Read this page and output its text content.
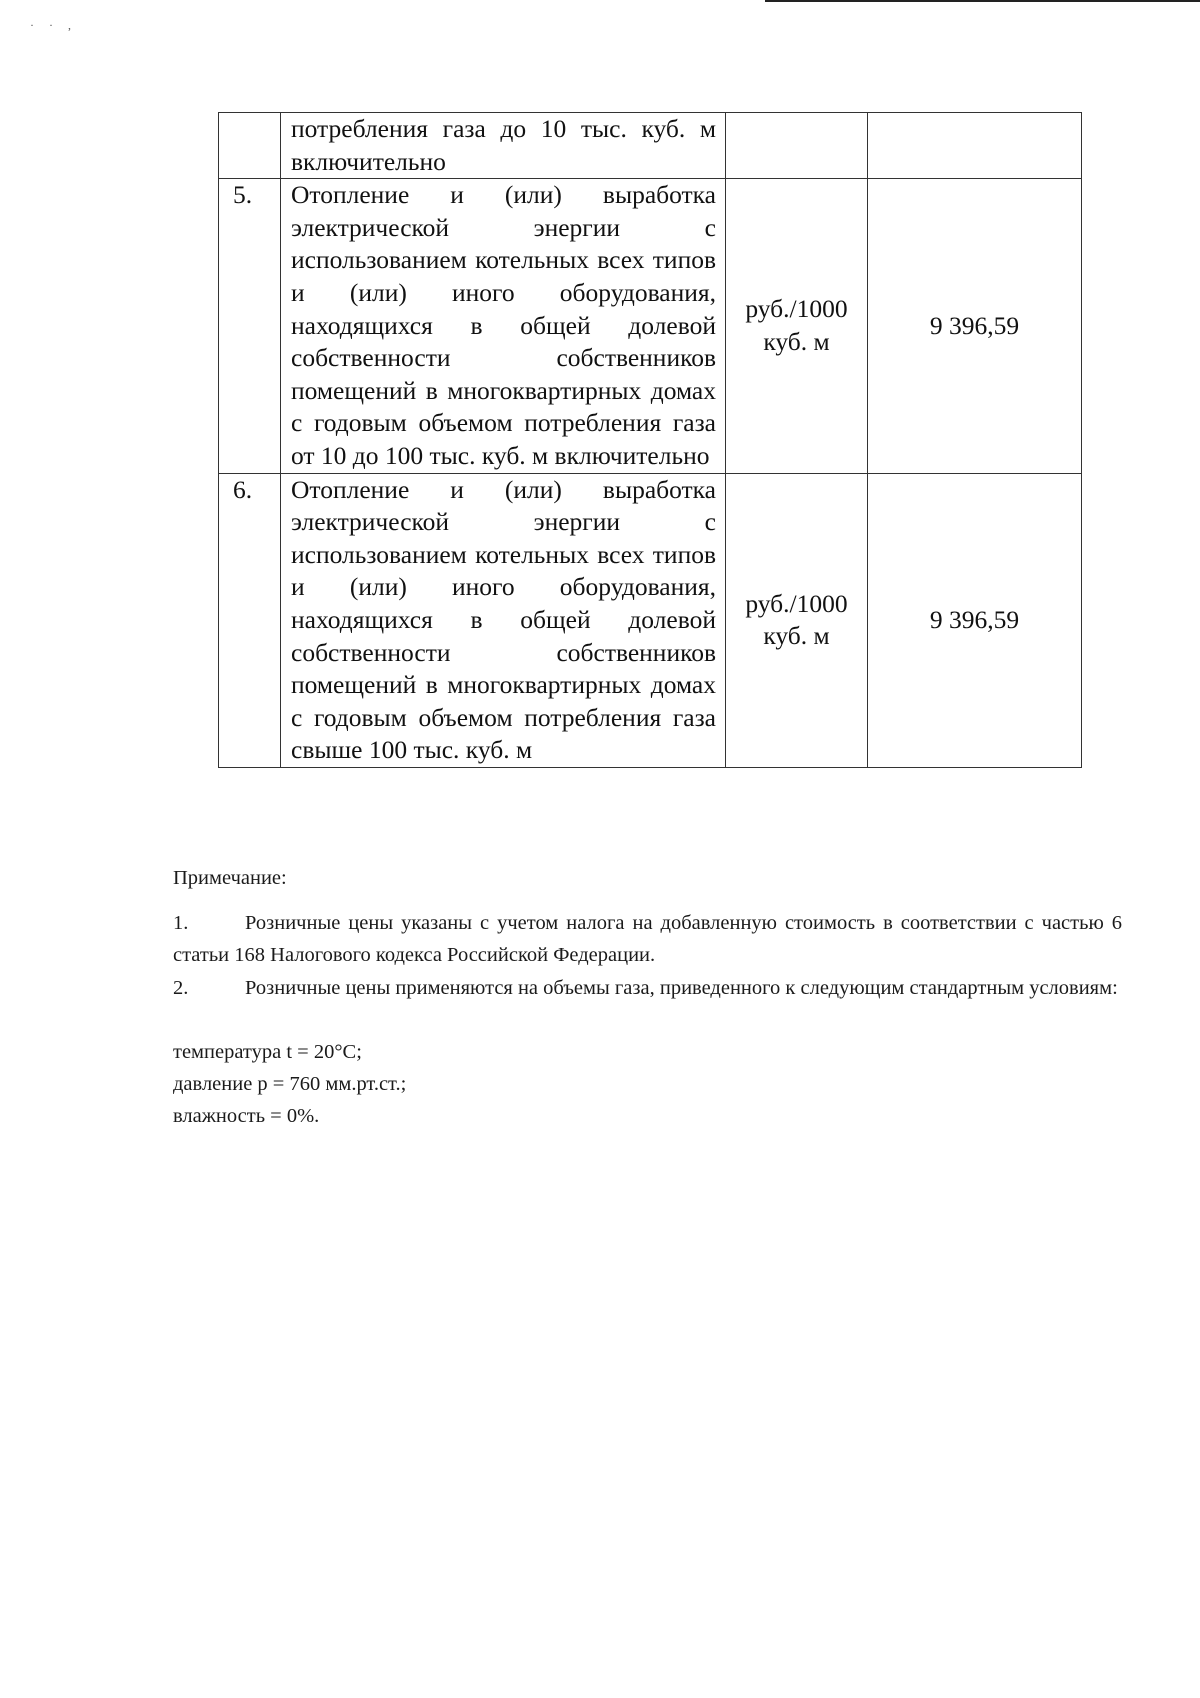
· · ,
	потребления газа до 10 тыс. куб. м включительно		
5.	Отопление и (или) выработка электрической энергии с использованием котельных всех типов и (или) иного оборудования, находящихся в общей долевой собственности собственников помещений в многоквартирных домах с годовым объемом потребления газа от 10 до 100 тыс. куб. м включительно	руб./1000 куб. м	9 396,59
6.	Отопление и (или) выработка электрической энергии с использованием котельных всех типов и (или) иного оборудования, находящихся в общей долевой собственности собственников помещений в многоквартирных домах с годовым объемом потребления газа свыше 100 тыс. куб. м	руб./1000 куб. м	9 396,59
Примечание:
1.	Розничные цены указаны с учетом налога на добавленную стоимость в соответствии с частью 6 статьи 168 Налогового кодекса Российской Федерации.
2.	Розничные цены применяются на объемы газа, приведенного к следующим стандартным условиям:
температура t = 20°C;
давление p = 760 мм.рт.ст.;
влажность = 0%.
